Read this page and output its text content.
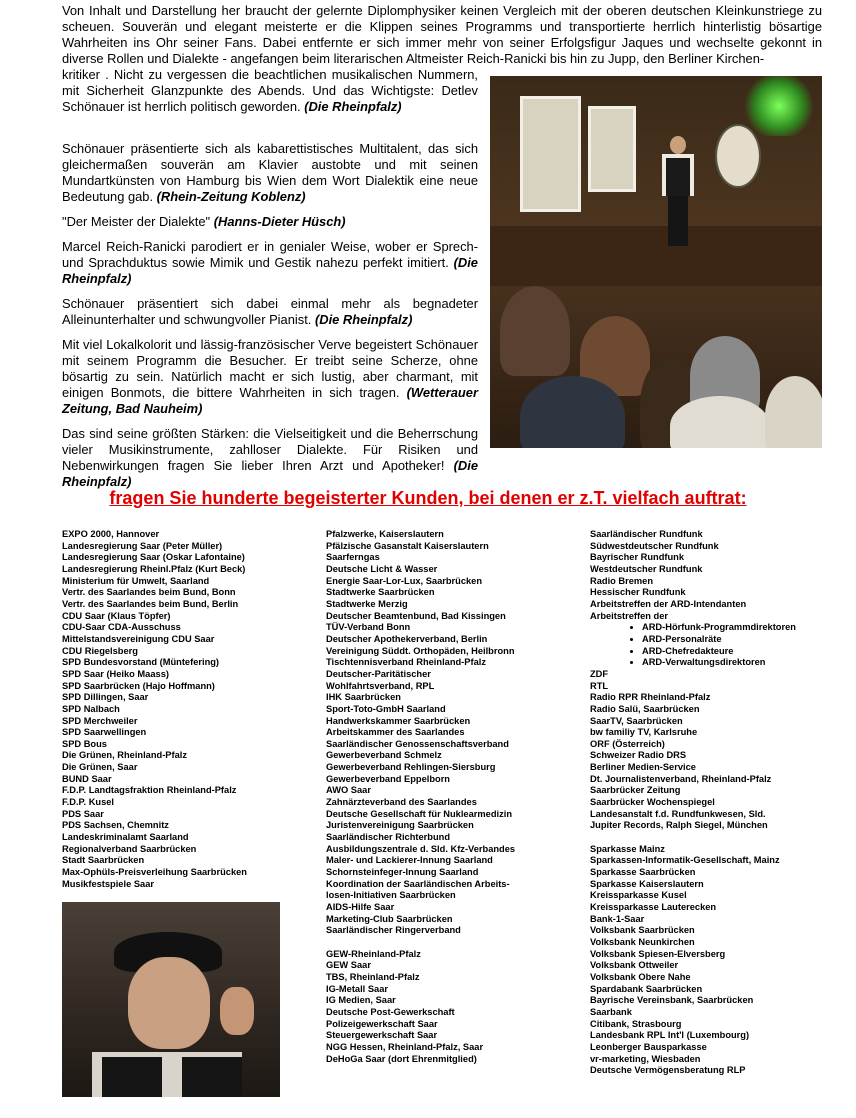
Von Inhalt und Darstellung her braucht der gelernte Diplomphysiker keinen Vergleich mit der oberen deutschen Kleinkunstriege zu scheuen. Souverän und elegant meisterte er die Klippen seines Programms und transportierte herrlich hinterlistig bösartige Wahrheiten ins Ohr seiner Fans. Dabei entfernte er sich immer mehr von seiner Erfolgsfigur Jaques und wechselte gekonnt in diverse Rollen und Dialekte - angefangen beim literarischen Altmeister Reich-Ranicki bis hin zu Jupp, den Berliner Kirchen-

kritiker . Nicht zu vergessen die beachtlichen musikalischen Nummern, mit Sicherheit Glanzpunkte des Abends. Und das Wichtigste: Detlev Schönauer ist herrlich politisch geworden. (Die Rheinpfalz)

Schönauer präsentierte sich als kabarettistisches Multitalent, das sich gleichermaßen souverän am Klavier austobte und mit seinen Mundartkünsten von Hamburg bis Wien dem Wort Dialektik eine neue Bedeutung gab. (Rhein-Zeitung Koblenz)

"Der Meister der Dialekte" (Hanns-Dieter Hüsch)

Marcel Reich-Ranicki parodiert er in genialer Weise, wober er Sprech- und Sprachduktus sowie Mimik und Gestik nahezu perfekt imitiert. (Die Rheinpfalz)

Schönauer präsentiert sich dabei einmal mehr als begnadeter Alleinunterhalter und schwungvoller Pianist. (Die Rheinpfalz)

Mit viel Lokalkolorit und lässig-französischer Verve begeistert Schönauer mit seinem Programm die Besucher. Er treibt seine Scherze, ohne bösartig zu sein. Natürlich macht er sich lustig, aber charmant, mit einigen Bonmots, die bittere Wahrheiten in sich tragen. (Wetterauer Zeitung, Bad Nauheim)

Das sind seine größten Stärken: die Vielseitigkeit und die Beherrschung vieler Musikinstrumente, zahlloser Dialekte. Für Risiken und Nebenwirkungen fragen Sie lieber Ihren Arzt und Apotheker! (Die Rheinpfalz)

fragen Sie hunderte begeisterter Kunden, bei denen er z.T. vielfach auftrat:
EXPO 2000, Hannover
Landesregierung Saar (Peter Müller)
Landesregierung Saar (Oskar Lafontaine)
Landesregierung Rheinl.Pfalz (Kurt Beck)
Ministerium für Umwelt, Saarland
Vertr. des Saarlandes beim Bund, Bonn
Vertr. des Saarlandes beim Bund, Berlin
CDU Saar (Klaus Töpfer)
CDU-Saar CDA-Ausschuss
Mittelstandsvereinigung CDU Saar
CDU Riegelsberg
SPD Bundesvorstand (Müntefering)
SPD Saar (Heiko Maass)
SPD Saarbrücken (Hajo Hoffmann)
SPD Dillingen, Saar
SPD Nalbach
SPD Merchweiler
SPD Saarwellingen
SPD Bous
Die Grünen, Rheinland-Pfalz
Die Grünen, Saar
BUND Saar
F.D.P. Landtagsfraktion Rheinland-Pfalz
F.D.P. Kusel
PDS Saar
PDS Sachsen, Chemnitz
Landeskriminalamt Saarland
Regionalverband Saarbrücken
Stadt Saarbrücken
Max-Ophüls-Preisverleihung Saarbrücken
Musikfestspiele Saar
Pfalzwerke, Kaiserslautern
Pfälzische Gasanstalt Kaiserslautern
Saarferngas
Deutsche Licht & Wasser
Energie Saar-Lor-Lux, Saarbrücken
Stadtwerke Saarbrücken
Stadtwerke Merzig
Deutscher Beamtenbund, Bad Kissingen
TÜV-Verband Bonn
Deutscher Apothekerverband, Berlin
Vereinigung Süddt. Orthopäden, Heilbronn
Tischtennisverband Rheinland-Pfalz
Deutscher-Paritätischer
Wohlfahrtsverband, RPL
IHK Saarbrücken
Sport-Toto-GmbH Saarland
Handwerkskammer Saarbrücken
Arbeitskammer des Saarlandes
Saarländischer Genossenschaftsverband
Gewerbeverband Schmelz
Gewerbeverband Rehlingen-Siersburg
Gewerbeverband Eppelborn
AWO Saar
Zahnärzteverband des Saarlandes
Deutsche Gesellschaft für Nuklearmedizin
Juristenvereinigung Saarbrücken
Saarländischer Richterbund
Ausbildungszentrale d. Sld. Kfz-Verbandes
Maler- und Lackierer-Innung Saarland
Schornsteinfeger-Innung Saarland
Koordination der Saarländischen Arbeits-
losen-Initiativen Saarbrücken
AIDS-Hilfe Saar
Marketing-Club Saarbrücken
Saarländischer Ringerverband
GEW-Rheinland-Pfalz
GEW Saar
TBS, Rheinland-Pfalz
IG-Metall Saar
IG Medien, Saar
Deutsche Post-Gewerkschaft
Polizeigewerkschaft Saar
Steuergewerkschaft Saar
NGG Hessen, Rheinland-Pfalz, Saar
DeHoGa Saar (dort Ehrenmitglied)
Saarländischer Rundfunk
Südwestdeutscher Rundfunk
Bayrischer Rundfunk
Westdeutscher Rundfunk
Radio Bremen
Hessischer Rundfunk
Arbeitstreffen der ARD-Intendanten
Arbeitstreffen der
• ARD-Hörfunk-Programmdirektoren
• ARD-Personalräte
• ARD-Chefredakteure
• ARD-Verwaltungsdirektoren
ZDF
RTL
Radio RPR Rheinland-Pfalz
Radio Salü, Saarbrücken
SaarTV, Saarbrücken
bw familiy TV, Karlsruhe
ORF (Österreich)
Schweizer Radio DRS
Berliner Medien-Service
Dt. Journalistenverband, Rheinland-Pfalz
Saarbrücker Zeitung
Saarbrücker Wochenspiegel
Landesanstalt f.d. Rundfunkwesen, Sld.
Jupiter Records, Ralph Siegel, München
Sparkasse Mainz
Sparkassen-Informatik-Gesellschaft, Mainz
Sparkasse Saarbrücken
Sparkasse Kaiserslautern
Kreissparkasse Kusel
Kreissparkasse Lauterecken
Bank-1-Saar
Volksbank Saarbrücken
Volksbank Neunkirchen
Volksbank Spiesen-Elversberg
Volksbank Ottweiler
Volksbank Obere Nahe
Spardabank Saarbrücken
Bayrische Vereinsbank, Saarbrücken
Saarbank
Citibank, Strasbourg
Landesbank RPL Int'l (Luxembourg)
Leonberger Bausparkasse
vr-marketing, Wiesbaden
Deutsche Vermögensberatung RLP
